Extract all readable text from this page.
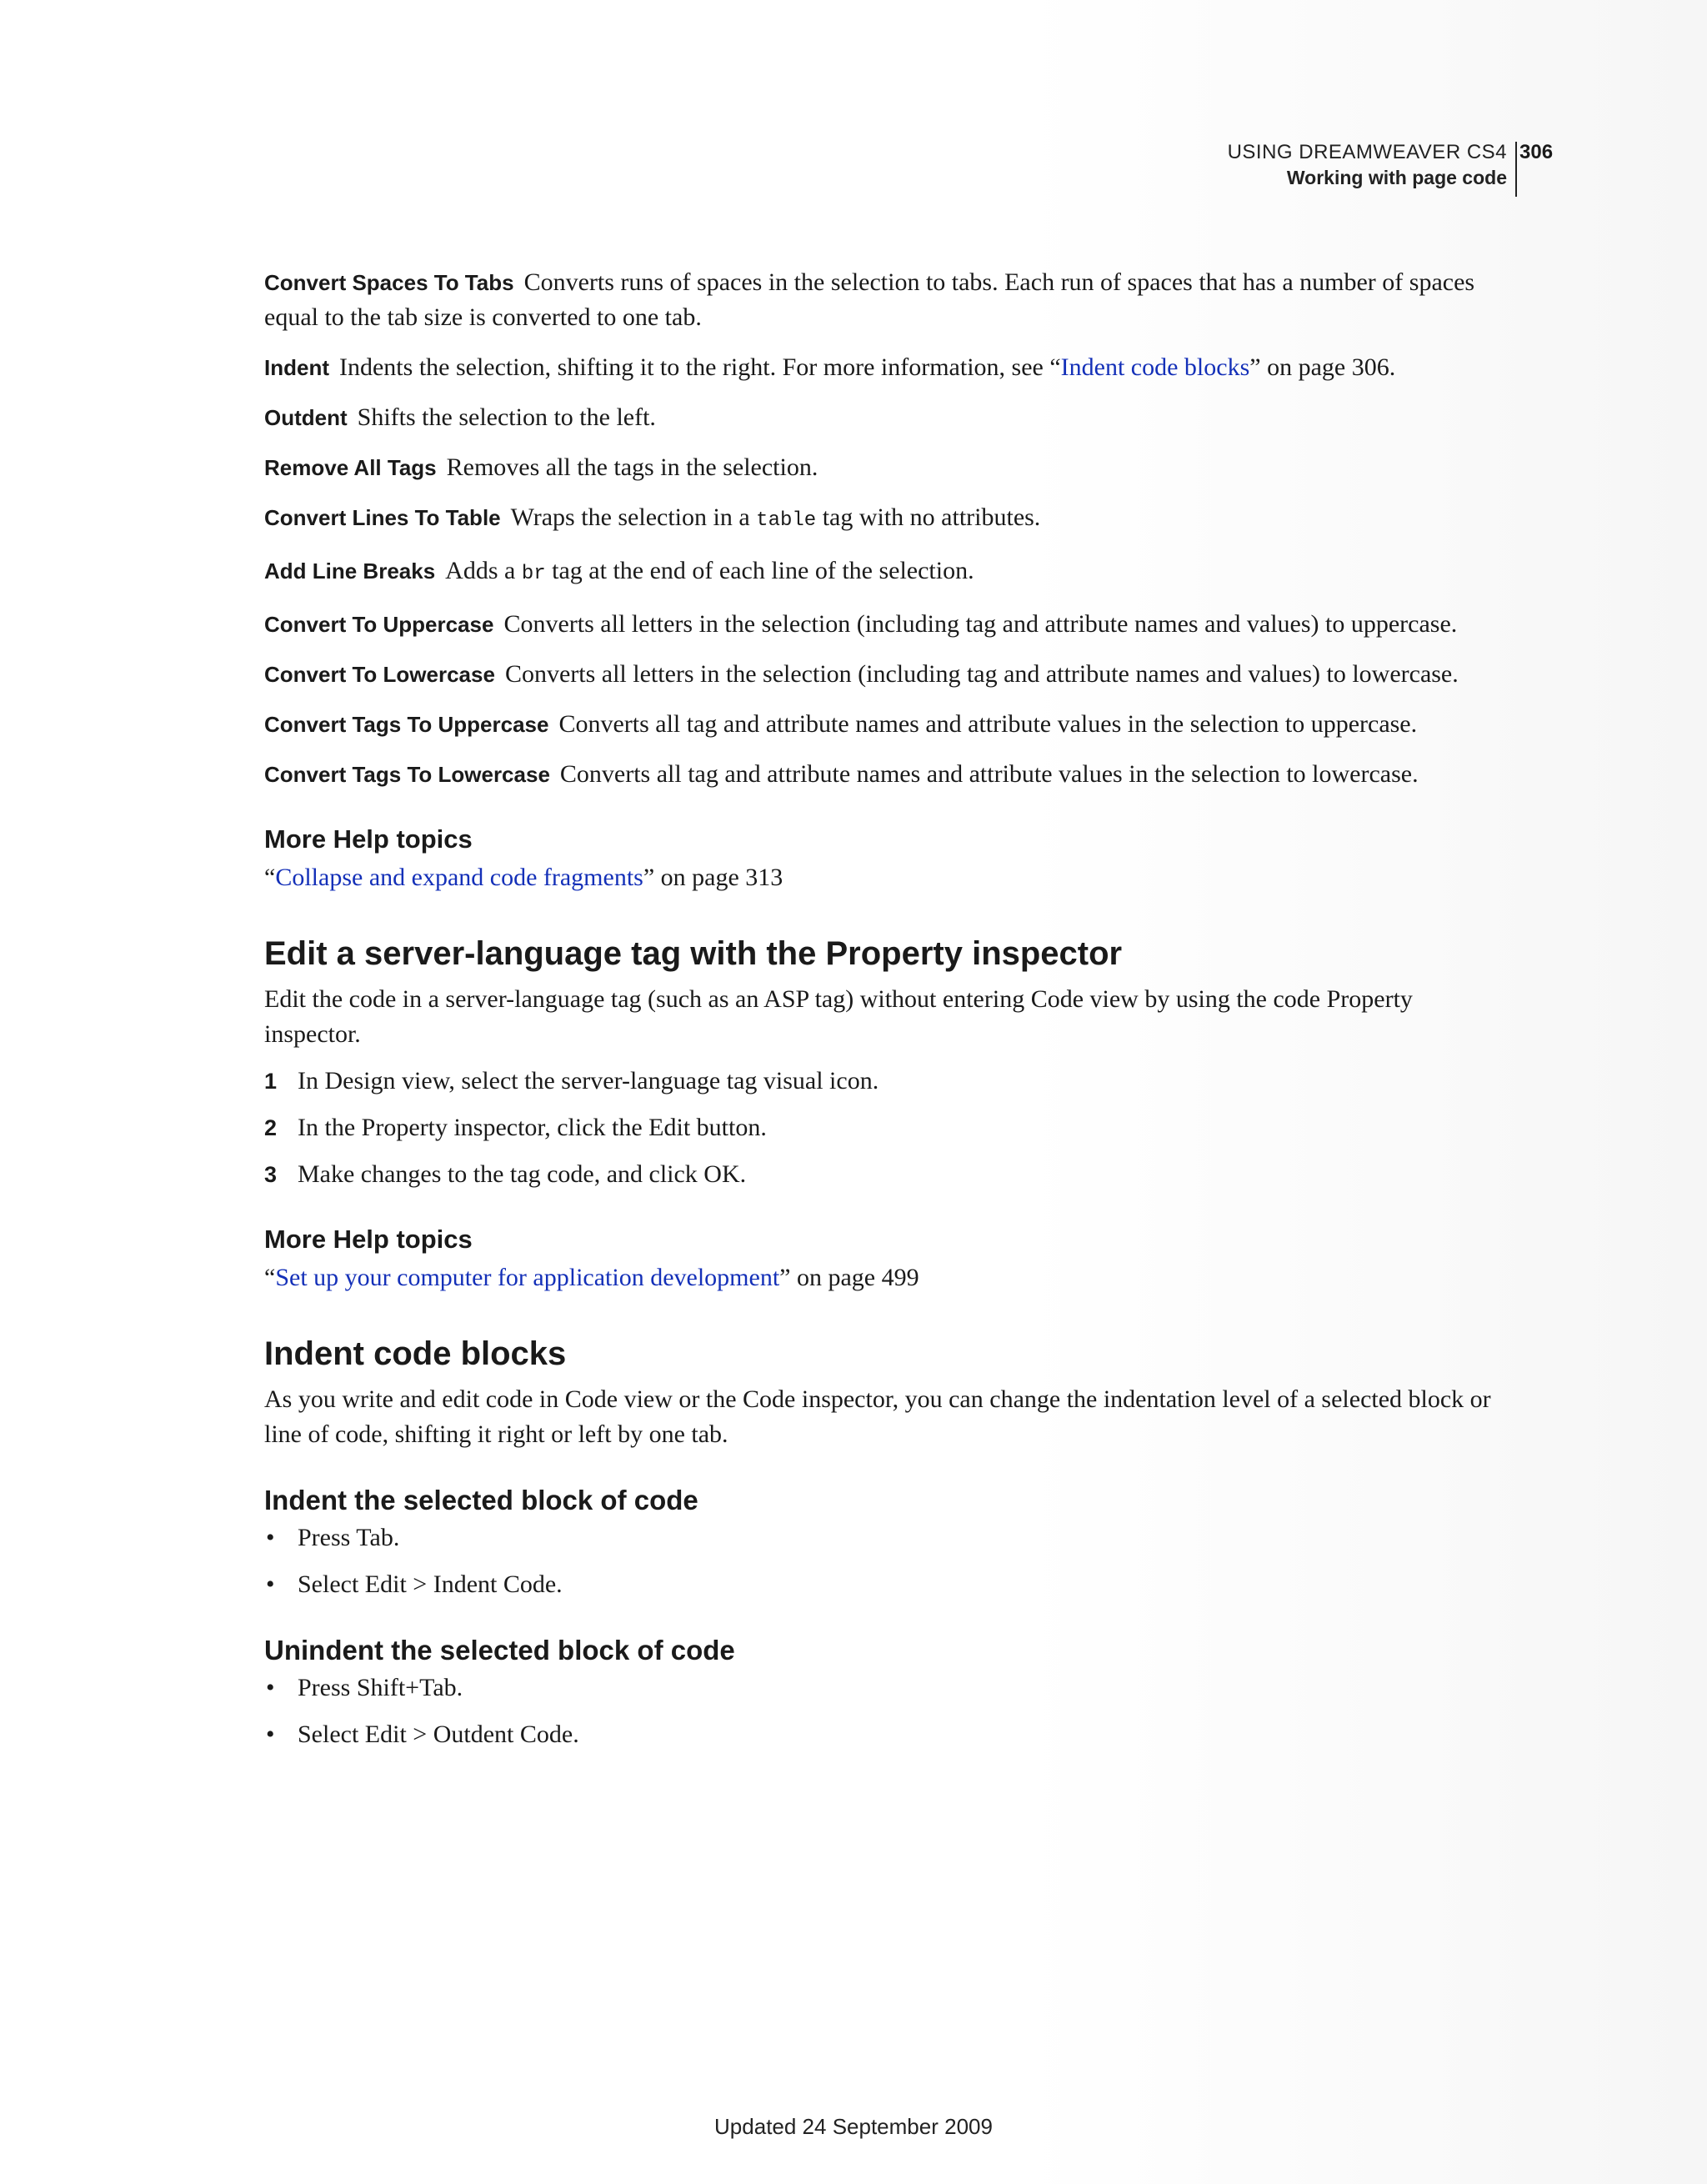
USING DREAMWEAVER CS4
Working with page code
306

Convert Spaces To Tabs Converts runs of spaces in the selection to tabs. Each run of spaces that has a number of spaces equal to the tab size is converted to one tab.

Indent Indents the selection, shifting it to the right. For more information, see “Indent code blocks” on page 306.

Outdent Shifts the selection to the left.

Remove All Tags Removes all the tags in the selection.

Convert Lines To Table Wraps the selection in a table tag with no attributes.

Add Line Breaks Adds a br tag at the end of each line of the selection.

Convert To Uppercase Converts all letters in the selection (including tag and attribute names and values) to uppercase.

Convert To Lowercase Converts all letters in the selection (including tag and attribute names and values) to lowercase.

Convert Tags To Uppercase Converts all tag and attribute names and attribute values in the selection to uppercase.

Convert Tags To Lowercase Converts all tag and attribute names and attribute values in the selection to lowercase.

More Help topics

“Collapse and expand code fragments” on page 313

Edit a server-language tag with the Property inspector

Edit the code in a server-language tag (such as an ASP tag) without entering Code view by using the code Property inspector.

1 In Design view, select the server-language tag visual icon.
2 In the Property inspector, click the Edit button.
3 Make changes to the tag code, and click OK.
More Help topics

“Set up your computer for application development” on page 499

Indent code blocks

As you write and edit code in Code view or the Code inspector, you can change the indentation level of a selected block or line of code, shifting it right or left by one tab.

Indent the selected block of code
• Press Tab.
• Select Edit > Indent Code.
Unindent the selected block of code
• Press Shift+Tab.
• Select Edit > Outdent Code.
Updated 24 September 2009
